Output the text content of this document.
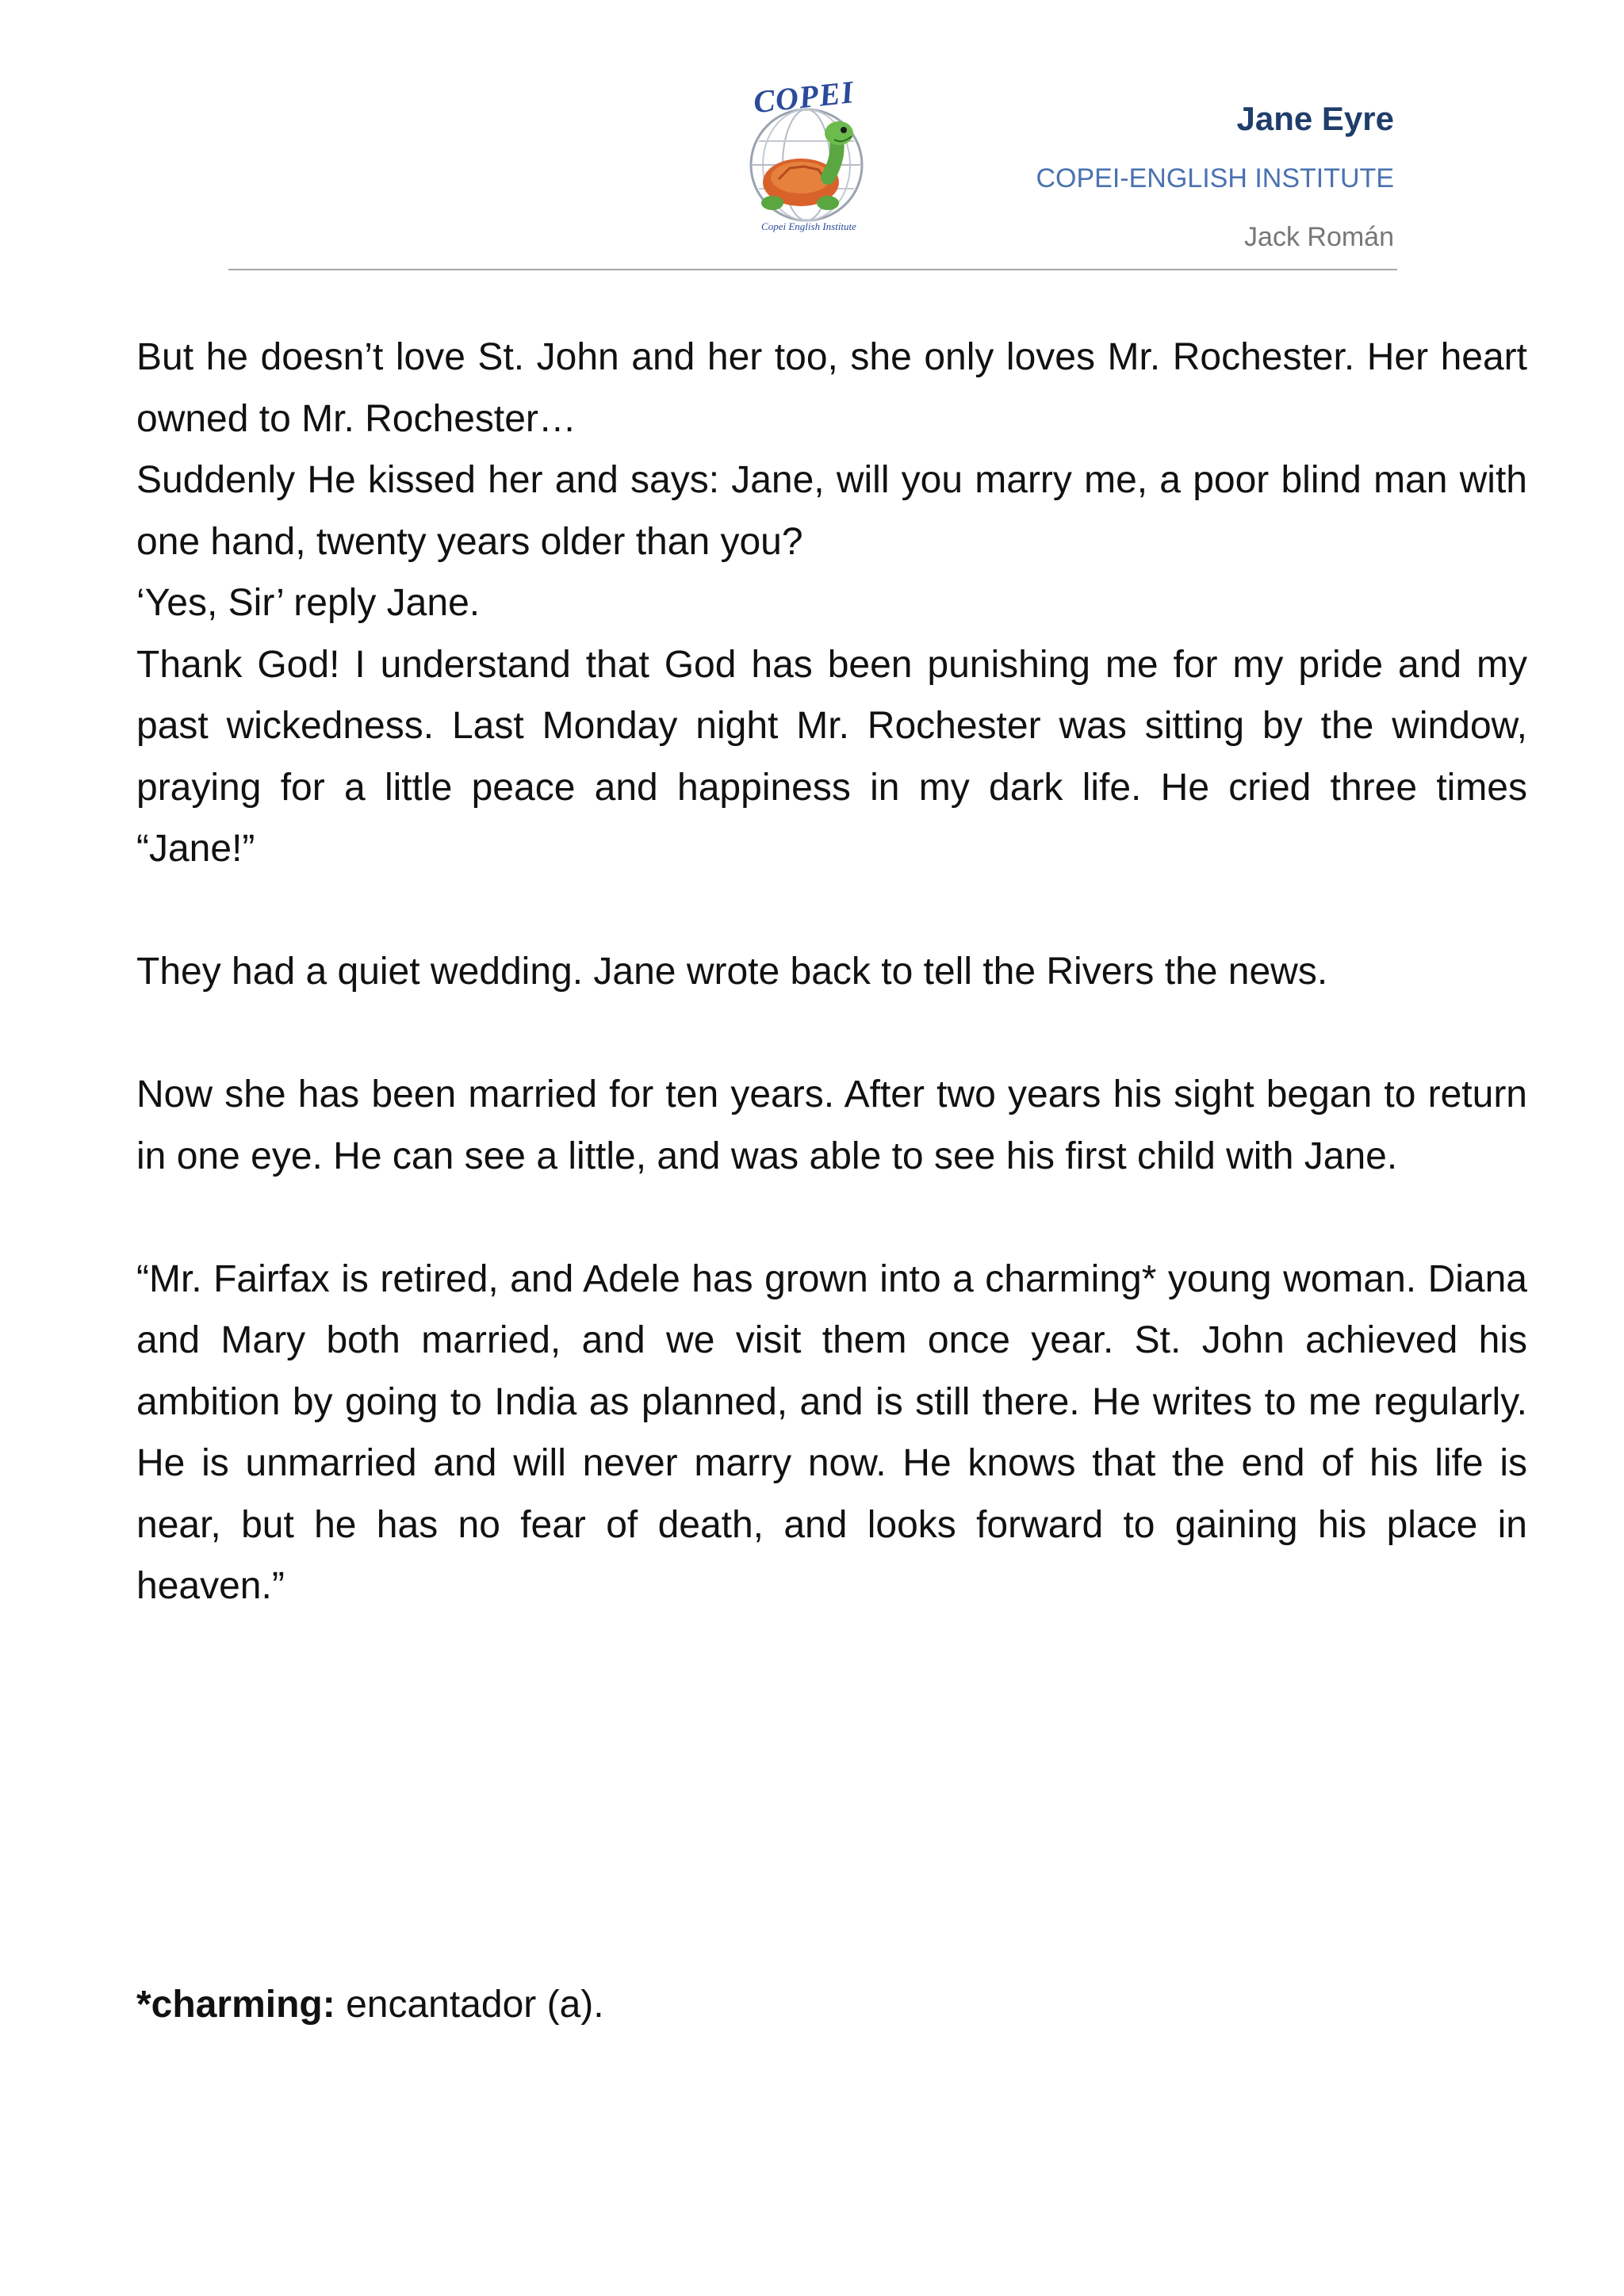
COPEI
Copei English Institute
Jane Eyre
COPEI-ENGLISH INSTITUTE
Jack Román

But he doesn’t love St. John and her too, she only loves Mr. Rochester. Her heart owned to Mr. Rochester…

Suddenly He kissed her and says: Jane, will you marry me, a poor blind man with one hand, twenty years older than you?

‘Yes, Sir’ reply Jane.

Thank God! I understand that God has been punishing me for my pride and my past wickedness. Last Monday night Mr. Rochester was sitting by the window, praying for a little peace and happiness in my dark life. He cried three times “Jane!”

They had a quiet wedding. Jane wrote back to tell the Rivers the news.

Now she has been married for ten years. After two years his sight began to return in one eye. He can see a little, and was able to see his first child with Jane.

“Mr. Fairfax is retired, and Adele has grown into a charming* young woman. Diana and Mary both married, and we visit them once year. St. John achieved his ambition by going to India as planned, and is still there. He writes to me regularly. He is unmarried and will never marry now. He knows that the end of his life is near, but he has no fear of death, and looks forward to gaining his place in heaven.”

*charming: encantador (a).
